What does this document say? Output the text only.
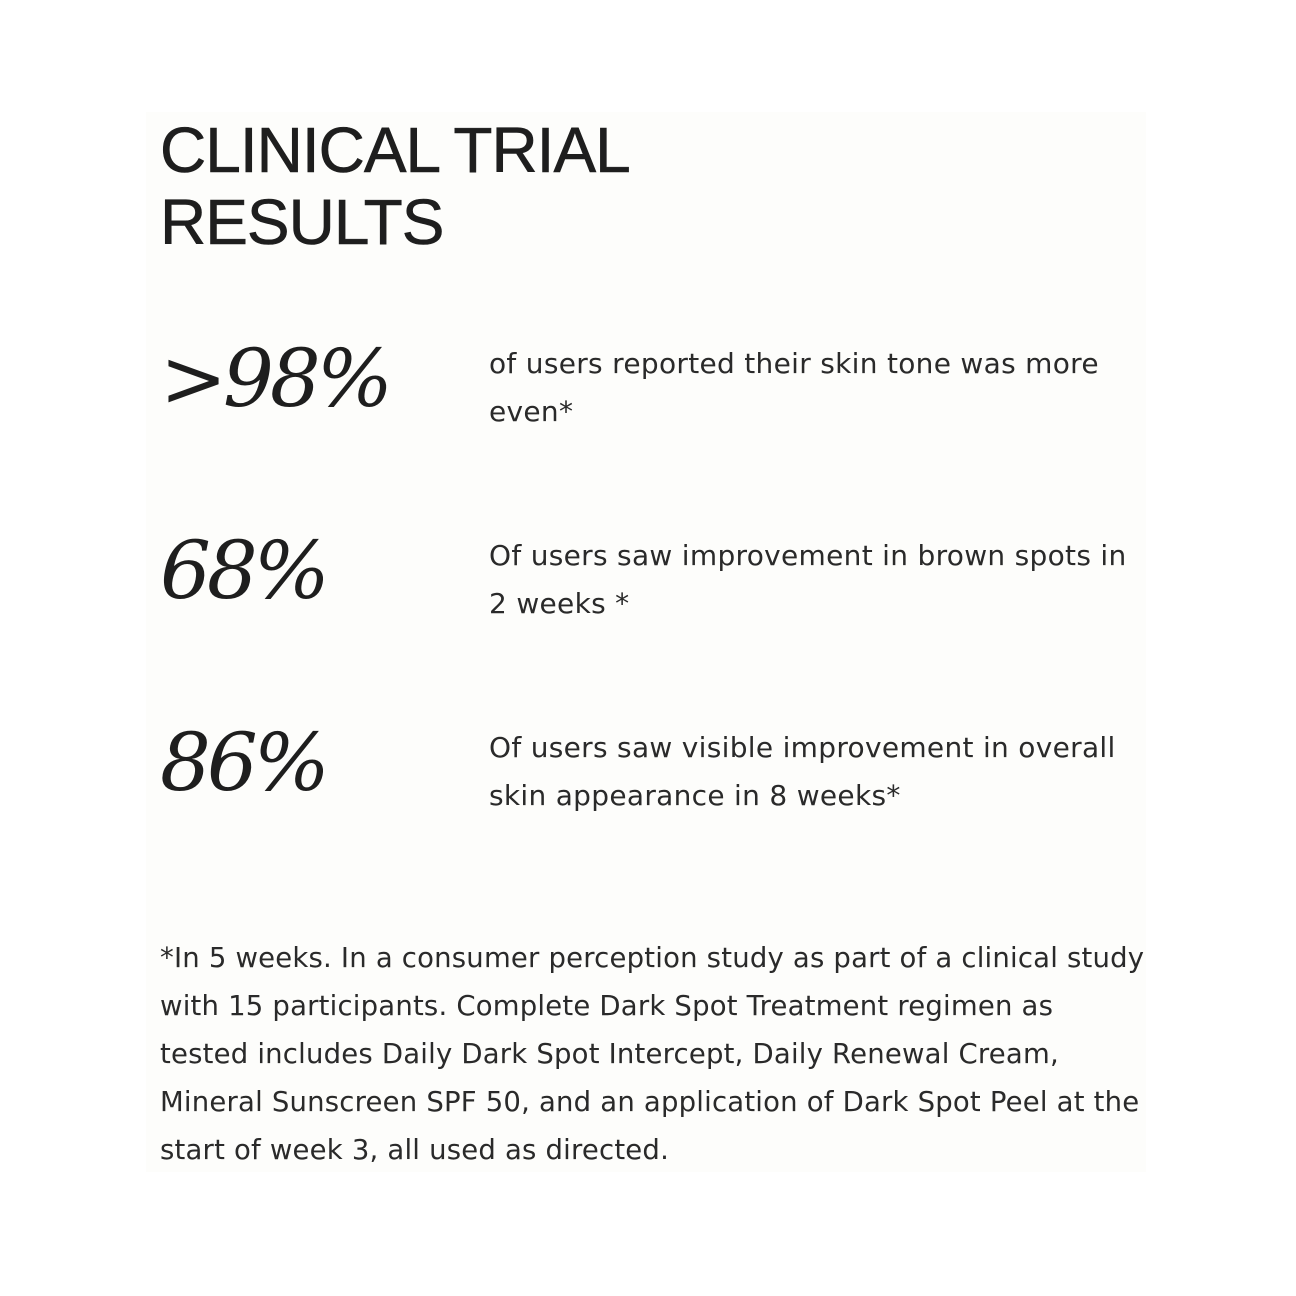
CLINICAL TRIAL
RESULTS
>98%	of users reported their skin tone was more even*
68%	Of users saw improvement in brown spots in 2 weeks *
86%	Of users saw visible improvement in overall skin appearance in 8 weeks*

*In 5 weeks. In a consumer perception study as part of a clinical study with 15 participants. Complete Dark Spot Treatment regimen as tested includes Daily Dark Spot Intercept, Daily Renewal Cream, Mineral Sunscreen SPF 50, and an application of Dark Spot Peel at the start of week 3, all used as directed.
